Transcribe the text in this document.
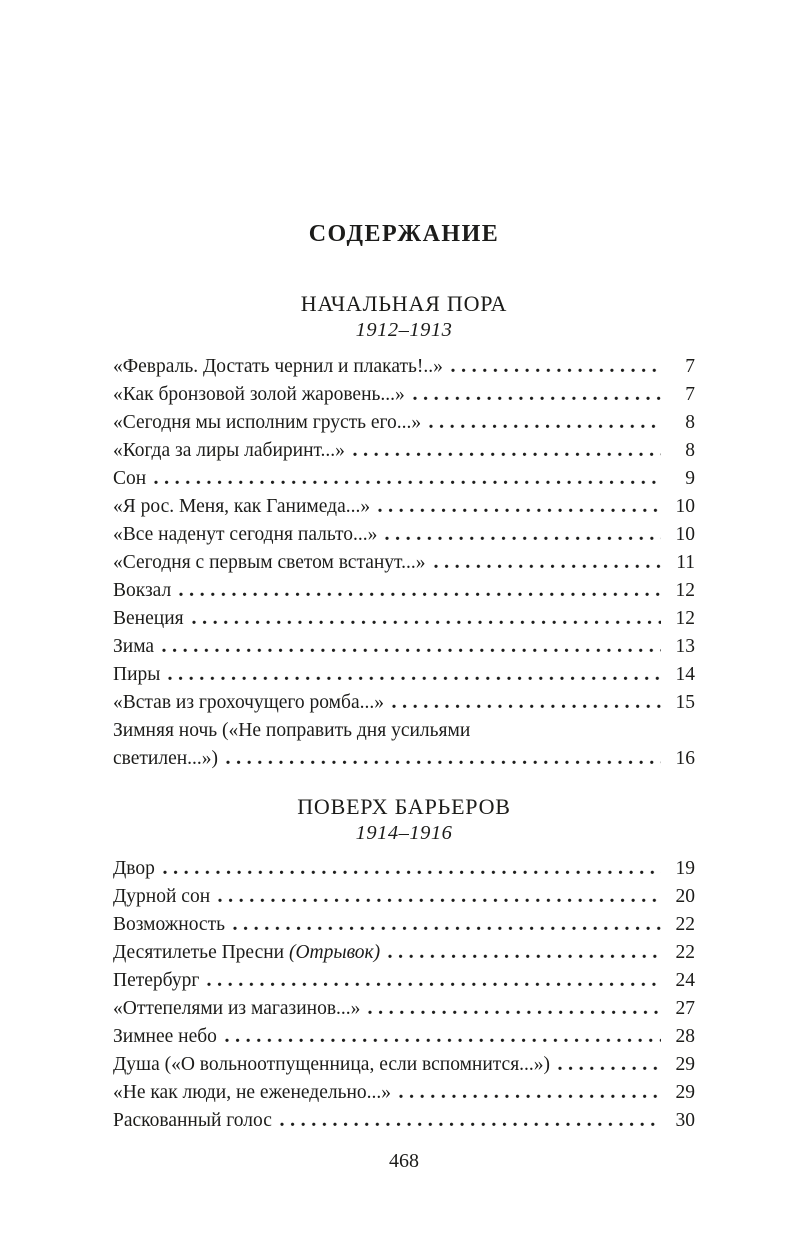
СОДЕРЖАНИЕ
НАЧАЛЬНАЯ ПОРА
1912–1913
«Февраль. Достать чернил и плакать!..»	7
«Как бронзовой золой жаровень...»	7
«Сегодня мы исполним грусть его...»	8
«Когда за лиры лабиринт...»	8
Сон	9
«Я рос. Меня, как Ганимеда...»	10
«Все наденут сегодня пальто...»	10
«Сегодня с первым светом встанут...»	11
Вокзал	12
Венеция	12
Зима	13
Пиры	14
«Встав из грохочущего ромба...»	15
Зимняя ночь («Не поправить дня усильями
светилен...»)	16
ПОВЕРХ БАРЬЕРОВ
1914–1916
Двор	19
Дурной сон	20
Возможность	22
Десятилетье Пресни (Отрывок)	22
Петербург	24
«Оттепелями из магазинов...»	27
Зимнее небо	28
Душа («О вольноотпущенница, если вспомнится...»)	29
«Не как люди, не еженедельно...»	29
Раскованный голос	30
468
